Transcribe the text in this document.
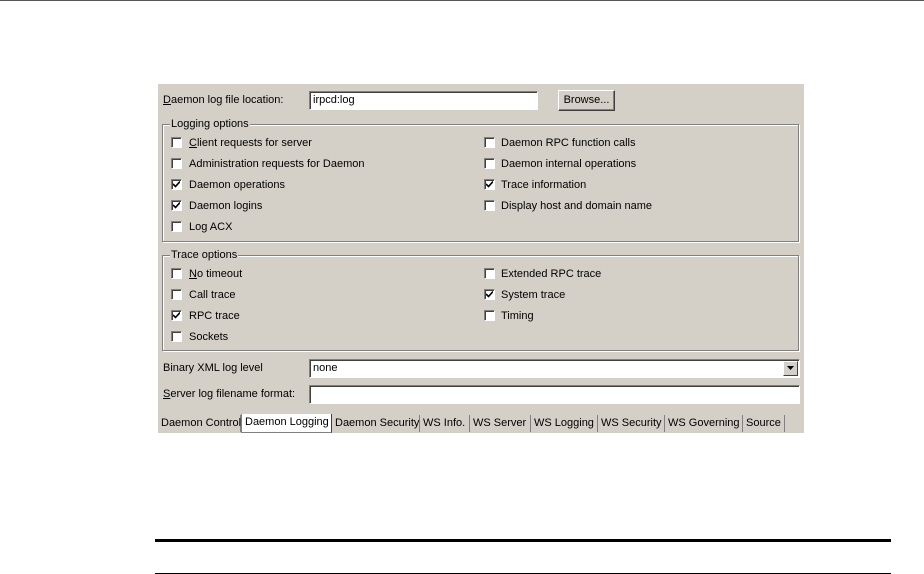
Daemon log file location:	irpcd:log	Browse...
Logging options
Client requests for server
Administration requests for Daemon
Daemon operations
Daemon logins
Log ACX
Daemon RPC function calls
Daemon internal operations
Trace information
Display host and domain name
Trace options
No timeout
Call trace
RPC trace
Sockets
Extended RPC trace
System trace
Timing
Binary XML log level	none
Server log filename format:
Daemon Control Daemon Logging Daemon Security WS Info. WS Server WS Logging WS Security WS Governing Source
